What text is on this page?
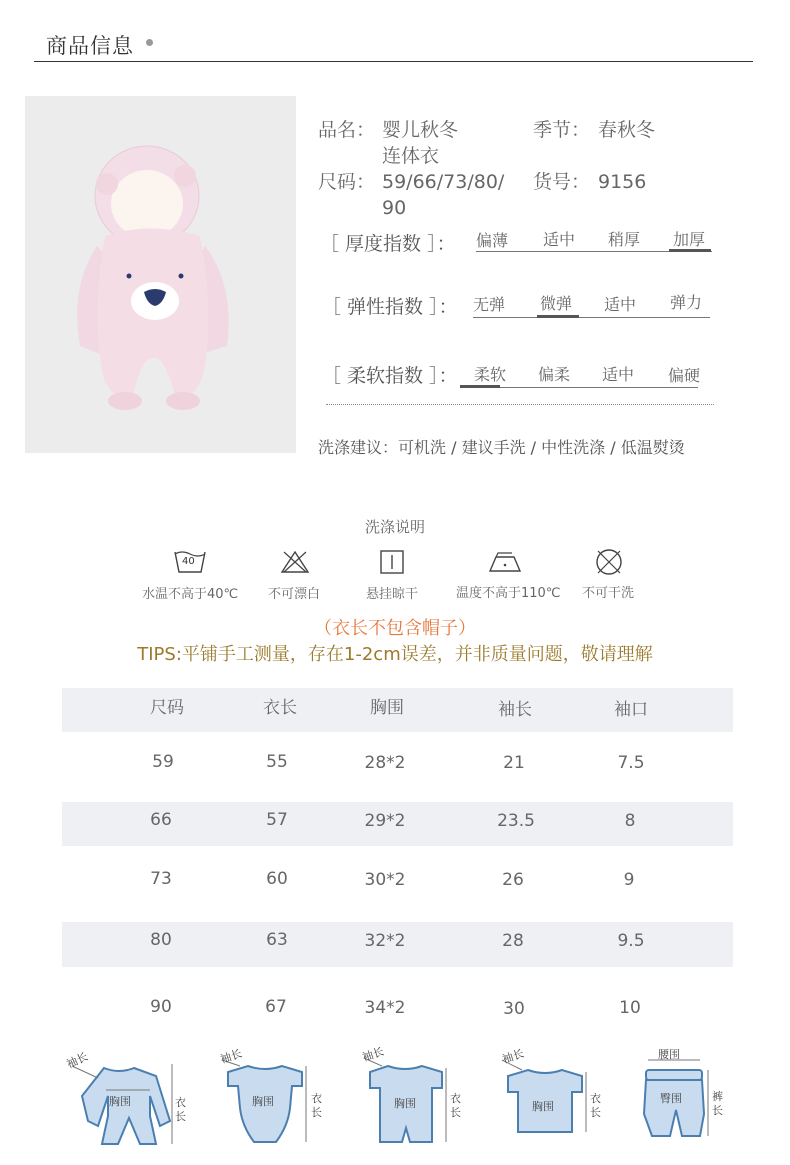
商品信息
品名： 婴儿秋冬
连体衣
季节： 春秋冬
尺码： 59/66/73/80/
90
货号： 9156
［ 厚度指数 ］： 偏薄 适中 稍厚 加厚
［ 弹性指数 ］： 无弹 微弹 适中 弹力
［ 柔软指数 ］： 柔软 偏柔 适中 偏硬
洗涤建议：可机洗 / 建议手洗 / 中性洗涤 / 低温熨烫
洗涤说明
40
水温不高于40℃ 不可漂白	悬挂晾干	温度不高于110℃ 不可干洗
（衣长不包含帽子）
TIPS:平铺手工测量，存在1-2cm误差，并非质量问题，敬请理解
尺码	衣长	胸围	袖长	袖口
59	55	28*2	21	7.5
66	57	29*2	23.5	8
73	60	30*2	26	9
80	63	32*2	28	9.5
90	67	34*2	30	10
袖长
胸围	衣长
袖长
胸围	衣长
袖长
胸围	衣长
袖长
胸围
衣长
腰围
臀围	裤长
